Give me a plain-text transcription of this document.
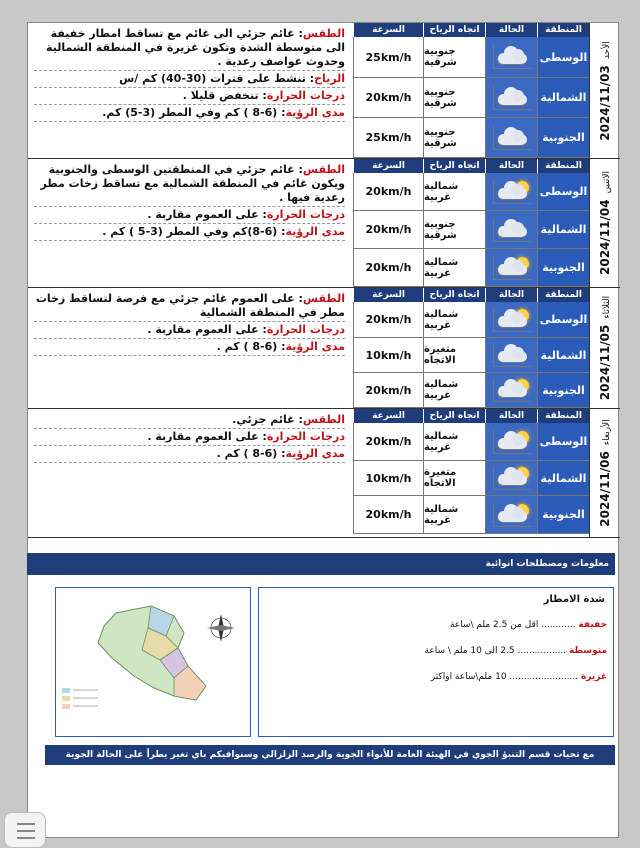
2024/11/03الأحد
المنطقة
الحالة
اتجاه الرياح
السرعة
الوسطى
جنوبية شرقية
25km/h
الشمالية
جنوبية شرقية
20km/h
الجنوبية
جنوبية شرقية
25km/h

الطقس: غائم جزئي الى غائم مع تساقط امطار خفيفة الى متوسطة الشدة وتكون غزيرة في المنطقة الشمالية وحدوث عواصف رعدية .

الرياح: تنشط على فترات (30-40) كم /س

درجات الحرارة: تنخفض قليلا .

مدى الرؤية: (6-8 ) كم وفي المطر (3-5) كم.

2024/11/04الاثنين
المنطقة
الحالة
اتجاه الرياح
السرعة
الوسطى
شمالية غربية
20km/h
الشمالية
جنوبية شرقية
20km/h
الجنوبية
شمالية غربية
20km/h

الطقس: غائم جزئي في المنطقتين الوسطى والجنوبية ويكون غائم في المنطقة الشمالية مع تساقط زخات مطر رعدية فيها .

درجات الحرارة: على العموم مقاربة .

مدى الرؤية: (6-8)كم وفي المطر (3-5 ) كم .

2024/11/05الثلاثاء
المنطقة
الحالة
اتجاه الرياح
السرعة
الوسطى
شمالية غربية
20km/h
الشمالية
متغيرة الاتجاه
10km/h
الجنوبية
شمالية غربية
20km/h

الطقس: على العموم غائم جزئي مع فرصة لتساقط زخات مطر في المنطقة الشمالية

درجات الحرارة: على العموم مقاربة .

مدى الرؤية: (6-8 ) كم .

2024/11/06الأربعاء
المنطقة
الحالة
اتجاه الرياح
السرعة
الوسطى
شمالية غربية
20km/h
الشمالية
متغيرة الاتجاه
10km/h
الجنوبية
شمالية غربية
20km/h

الطقس: غائم جزئي.

درجات الحرارة: على العموم مقاربة .

مدى الرؤية: (6-8 ) كم .

معلومات ومصطلحات انوائية
شدة الامطار
خفيفة ............ اقل من 2.5 ملم \ساعة
متوسطة ................. 2.5 الى 10 ملم \ ساعة
غزيرة ........................ 10 ملم\ساعة اواكثر
مع تحيات قسم التنبؤ الجوي في الهيئة العامة للأنواء الجوية والرصد الزلزالي وسنوافيكم باي تغير يطرأ على الحالة الجوية
